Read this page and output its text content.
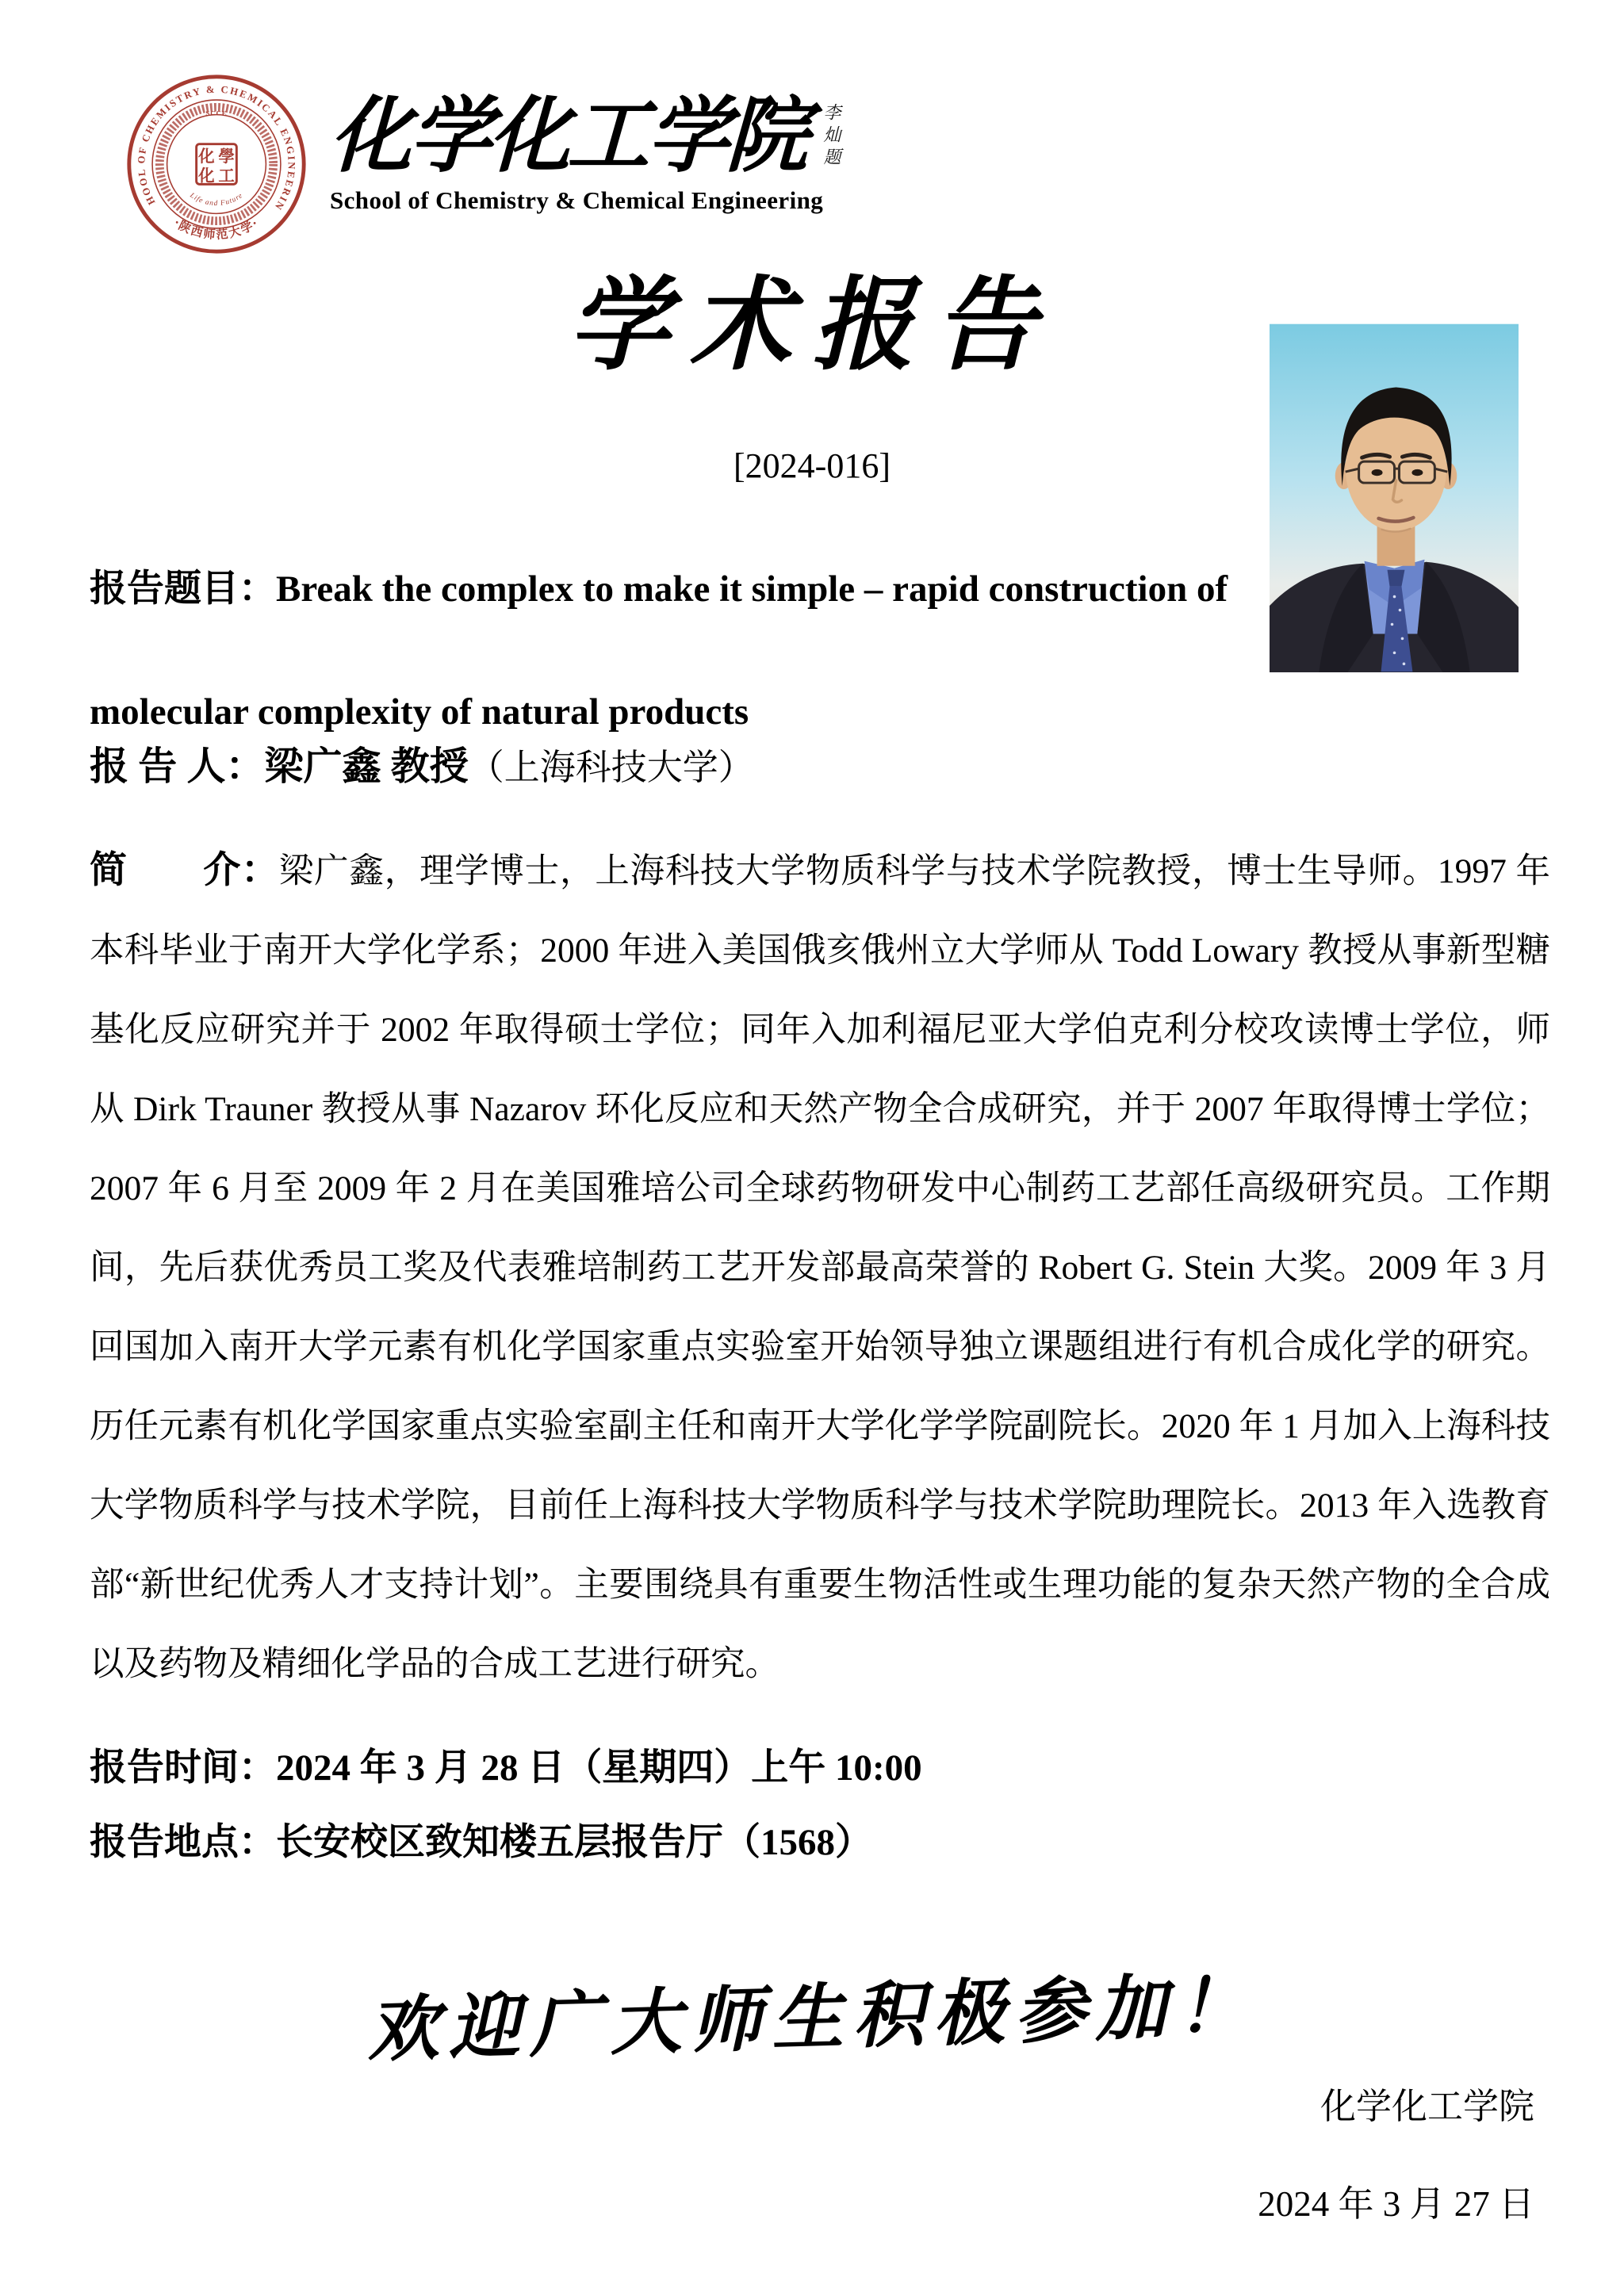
SCHOOL OF CHEMISTRY & CHEMICAL ENGINEERING
SCCE
化 學
化 工
Life and Future
·陕西师范大学·
化学化工学院 李灿题
School of Chemistry & Chemical Engineering
学术报告
[2024-016]
报告题目：Break the complex to make it simple – rapid construction of molecular complexity of natural products
报 告 人：梁广鑫 教授（上海科技大学）
简　　介：梁广鑫，理学博士，上海科技大学物质科学与技术学院教授，博士生导师。1997 年本科毕业于南开大学化学系；2000 年进入美国俄亥俄州立大学师从 Todd Lowary 教授从事新型糖基化反应研究并于 2002 年取得硕士学位；同年入加利福尼亚大学伯克利分校攻读博士学位，师从 Dirk Trauner 教授从事 Nazarov 环化反应和天然产物全合成研究，并于 2007 年取得博士学位；2007 年 6 月至 2009 年 2 月在美国雅培公司全球药物研发中心制药工艺部任高级研究员。工作期间，先后获优秀员工奖及代表雅培制药工艺开发部最高荣誉的 Robert G. Stein 大奖。2009 年 3 月回国加入南开大学元素有机化学国家重点实验室开始领导独立课题组进行有机合成化学的研究。历任元素有机化学国家重点实验室副主任和南开大学化学学院副院长。2020 年 1 月加入上海科技大学物质科学与技术学院，目前任上海科技大学物质科学与技术学院助理院长。2013 年入选教育部“新世纪优秀人才支持计划”。主要围绕具有重要生物活性或生理功能的复杂天然产物的全合成以及药物及精细化学品的合成工艺进行研究。
报告时间：2024 年 3 月 28 日（星期四）上午 10:00
报告地点：长安校区致知楼五层报告厅（1568）
欢迎广大师生积极参加！
化学化工学院
2024 年 3 月 27 日
